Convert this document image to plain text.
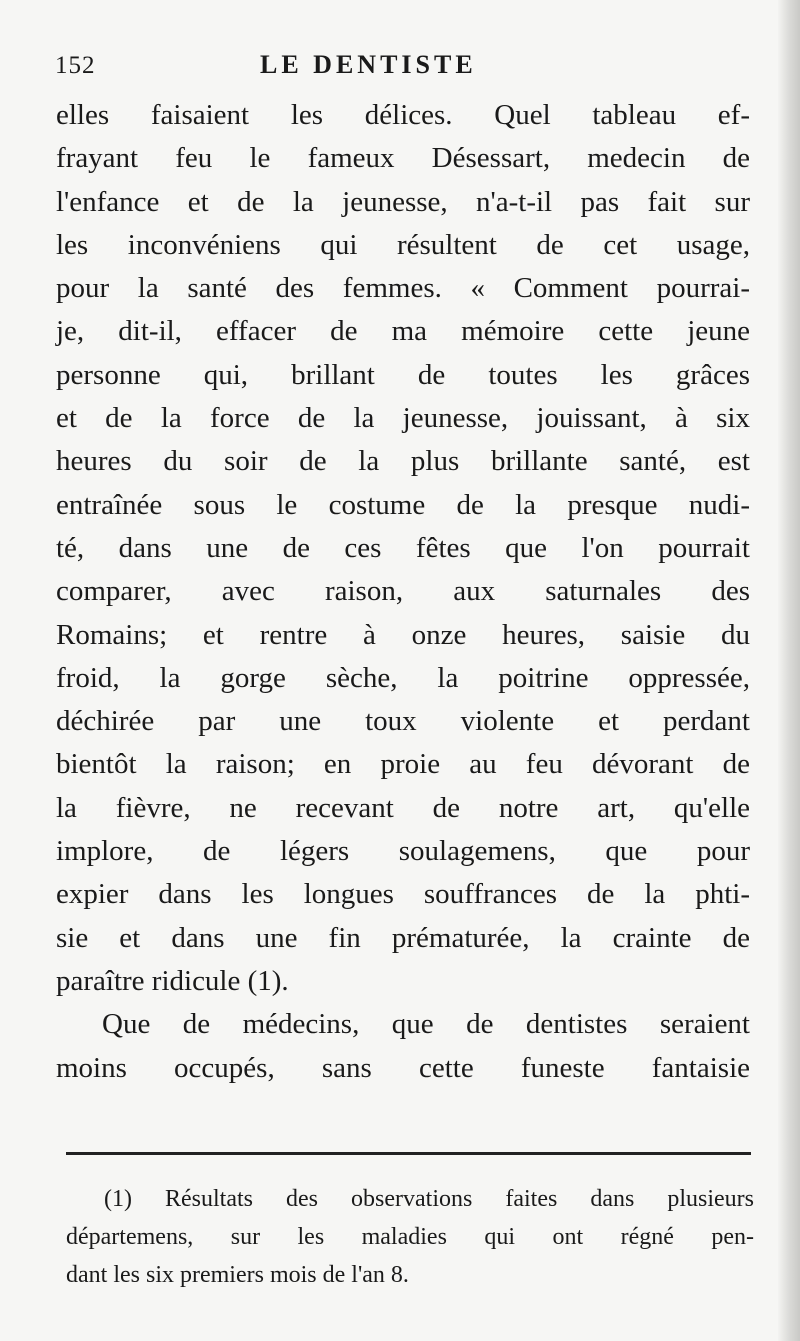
152	LE DENTISTE
elles faisaient les délices. Quel tableau ef-
frayant feu le fameux Désessart, medecin de
l'enfance et de la jeunesse, n'a-t-il pas fait sur
les inconvéniens qui résultent de cet usage,
pour la santé des femmes. « Comment pourrai-
je, dit-il, effacer de ma mémoire cette jeune
personne qui, brillant de toutes les grâces
et de la force de la jeunesse, jouissant, à six
heures du soir de la plus brillante santé, est
entraînée sous le costume de la presque nudi-
té, dans une de ces fêtes que l'on pourrait
comparer, avec raison, aux saturnales des
Romains; et rentre à onze heures, saisie du
froid, la gorge sèche, la poitrine oppressée,
déchirée par une toux violente et perdant
bientôt la raison; en proie au feu dévorant de
la fièvre, ne recevant de notre art, qu'elle
implore, de légers soulagemens, que pour
expier dans les longues souffrances de la phti-
sie et dans une fin prématurée, la crainte de
paraître ridicule (1).
Que de médecins, que de dentistes seraient
moins occupés, sans cette funeste fantaisie
(1) Résultats des observations faites dans plusieurs
départemens, sur les maladies qui ont régné pen-
dant les six premiers mois de l'an 8.
